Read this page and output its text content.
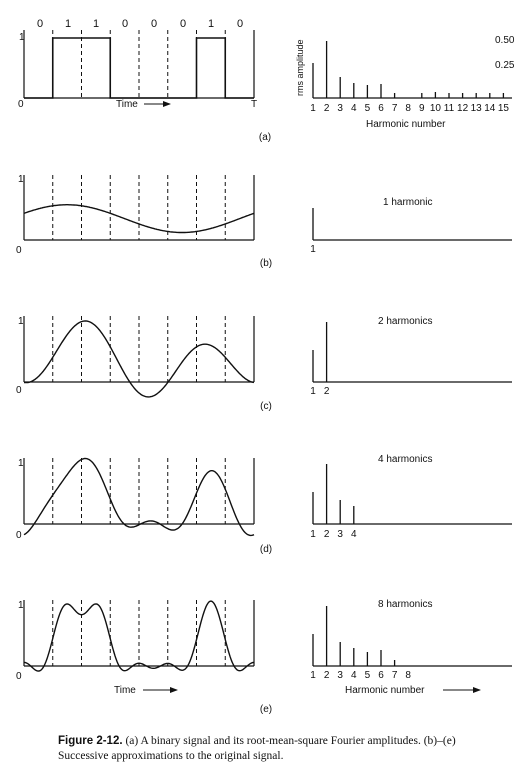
0 1 1 0 0 0 1 0
1
0	T
Time
(a)
rms amplitude	0.50
0.25
1 2 3 4 5 6 7 8 9 10 11 12 13 14 15
Harmonic number
1
0
(b)
1 harmonic
1
1
0
(c)
2 harmonics
1 2
1
0
(d)
4 harmonics
1 2 3 4
1
0
Time
(e)
8 harmonics
1 2 3 4 5 6 7 8
Harmonic number
Figure 2-12. (a) A binary signal and its root-mean-square Fourier amplitudes. (b)–(e) Successive approximations to the original signal.
